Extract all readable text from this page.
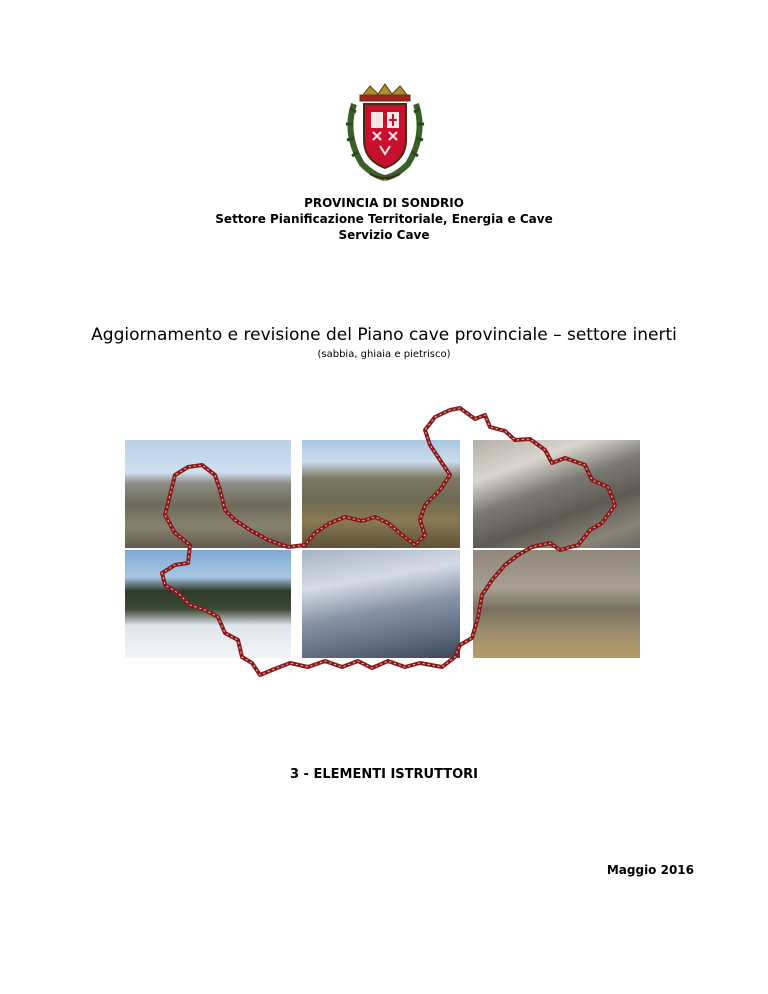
PROVINCIA DI SONDRIO
Settore Pianificazione Territoriale, Energia e Cave
Servizio Cave
Aggiornamento e revisione del Piano cave provinciale – settore inerti
(sabbia, ghiaia e pietrisco)
3 - ELEMENTI ISTRUTTORI
Maggio 2016
